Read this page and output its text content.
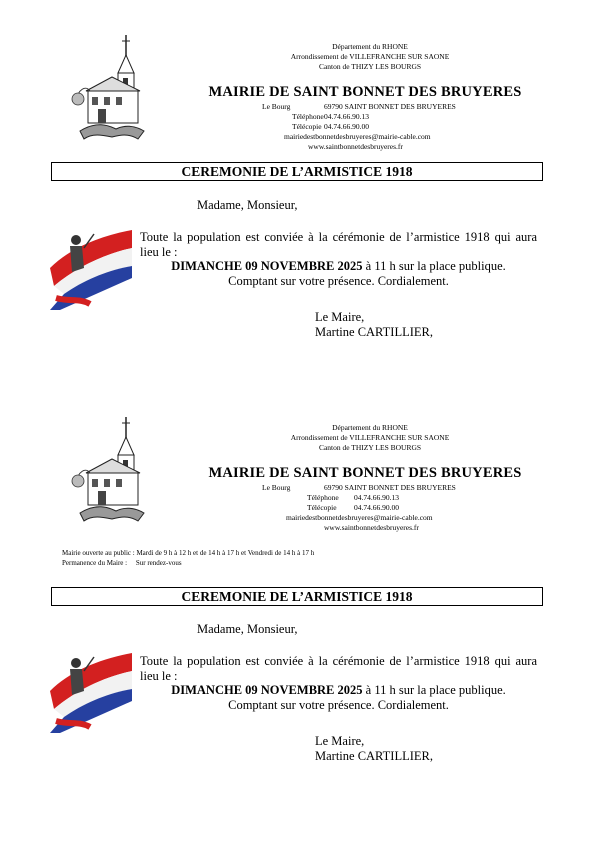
Département du RHONE
Arrondissement de VILLEFRANCHE SUR SAONE
Canton de THIZY LES BOURGS
MAIRIE DE SAINT BONNET DES BRUYERES
Le Bourg	69790 SAINT BONNET DES BRUYERES
Téléphone 04.74.66.90.13
Télécopie 04.74.66.90.00
mairiedestbonnetdesbruyeres@mairie-cable.com
www.saintbonnetdesbruyeres.fr
CEREMONIE DE L’ARMISTICE 1918
Madame, Monsieur,
Toute la population est conviée à la cérémonie de l’armistice 1918 qui aura lieu le :
DIMANCHE 09 NOVEMBRE 2025 à 11 h sur la place publique.
Comptant sur votre présence. Cordialement.
Le Maire,
Martine CARTILLIER,
Département du RHONE
Arrondissement de VILLEFRANCHE SUR SAONE
Canton de THIZY LES BOURGS
MAIRIE DE SAINT BONNET DES BRUYERES
Le Bourg	69790 SAINT BONNET DES BRUYERES
Téléphone	04.74.66.90.13
Télécopie	04.74.66.90.00
mairiedestbonnetdesbruyeres@mairie-cable.com
www.saintbonnetdesbruyeres.fr
Mairie ouverte au public : Mardi de 9 h à 12 h et de 14 h à 17 h et Vendredi de 14 h à 17 h
Permanence du Maire :     Sur rendez-vous
CEREMONIE DE L’ARMISTICE 1918
Madame, Monsieur,
Toute la population est conviée à la cérémonie de l’armistice 1918 qui aura lieu le :
DIMANCHE 09 NOVEMBRE 2025 à 11 h sur la place publique.
Comptant sur votre présence. Cordialement.
Le Maire,
Martine CARTILLIER,
